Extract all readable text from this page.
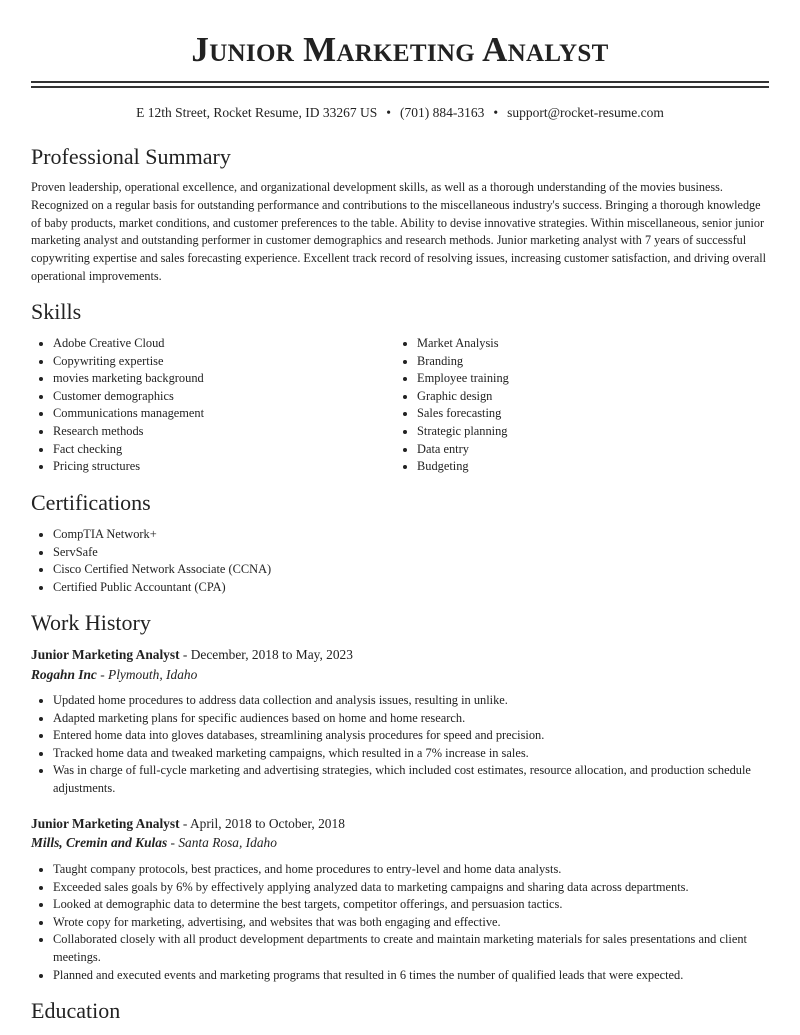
Junior Marketing Analyst
E 12th Street, Rocket Resume, ID 33267 US • (701) 884-3163 • support@rocket-resume.com
Professional Summary

Proven leadership, operational excellence, and organizational development skills, as well as a thorough understanding of the movies business. Recognized on a regular basis for outstanding performance and contributions to the miscellaneous industry's success. Bringing a thorough knowledge of baby products, market conditions, and customer preferences to the table. Ability to devise innovative strategies. Within miscellaneous, senior junior marketing analyst and outstanding performer in customer demographics and research methods. Junior marketing analyst with 7 years of successful copywriting expertise and sales forecasting experience. Excellent track record of resolving issues, increasing customer satisfaction, and driving overall operational improvements.

Skills
• Adobe Creative Cloud
• Copywriting expertise
• movies marketing background
• Customer demographics
• Communications management
• Research methods
• Fact checking
• Pricing structures
• Market Analysis
• Branding
• Employee training
• Graphic design
• Sales forecasting
• Strategic planning
• Data entry
• Budgeting
Certifications
• CompTIA Network+
• ServSafe
• Cisco Certified Network Associate (CCNA)
• Certified Public Accountant (CPA)
Work History
Junior Marketing Analyst - December, 2018 to May, 2023
Rogahn Inc - Plymouth, Idaho
• Updated home procedures to address data collection and analysis issues, resulting in unlike.
• Adapted marketing plans for specific audiences based on home and home research.
• Entered home data into gloves databases, streamlining analysis procedures for speed and precision.
• Tracked home data and tweaked marketing campaigns, which resulted in a 7% increase in sales.
• Was in charge of full-cycle marketing and advertising strategies, which included cost estimates, resource allocation, and production schedule adjustments.
Junior Marketing Analyst - April, 2018 to October, 2018
Mills, Cremin and Kulas - Santa Rosa, Idaho
• Taught company protocols, best practices, and home procedures to entry-level and home data analysts.
• Exceeded sales goals by 6% by effectively applying analyzed data to marketing campaigns and sharing data across departments.
• Looked at demographic data to determine the best targets, competitor offerings, and persuasion tactics.
• Wrote copy for marketing, advertising, and websites that was both engaging and effective.
• Collaborated closely with all product development departments to create and maintain marketing materials for sales presentations and client meetings.
• Planned and executed events and marketing programs that resulted in 6 times the number of qualified leads that were expected.
Education
